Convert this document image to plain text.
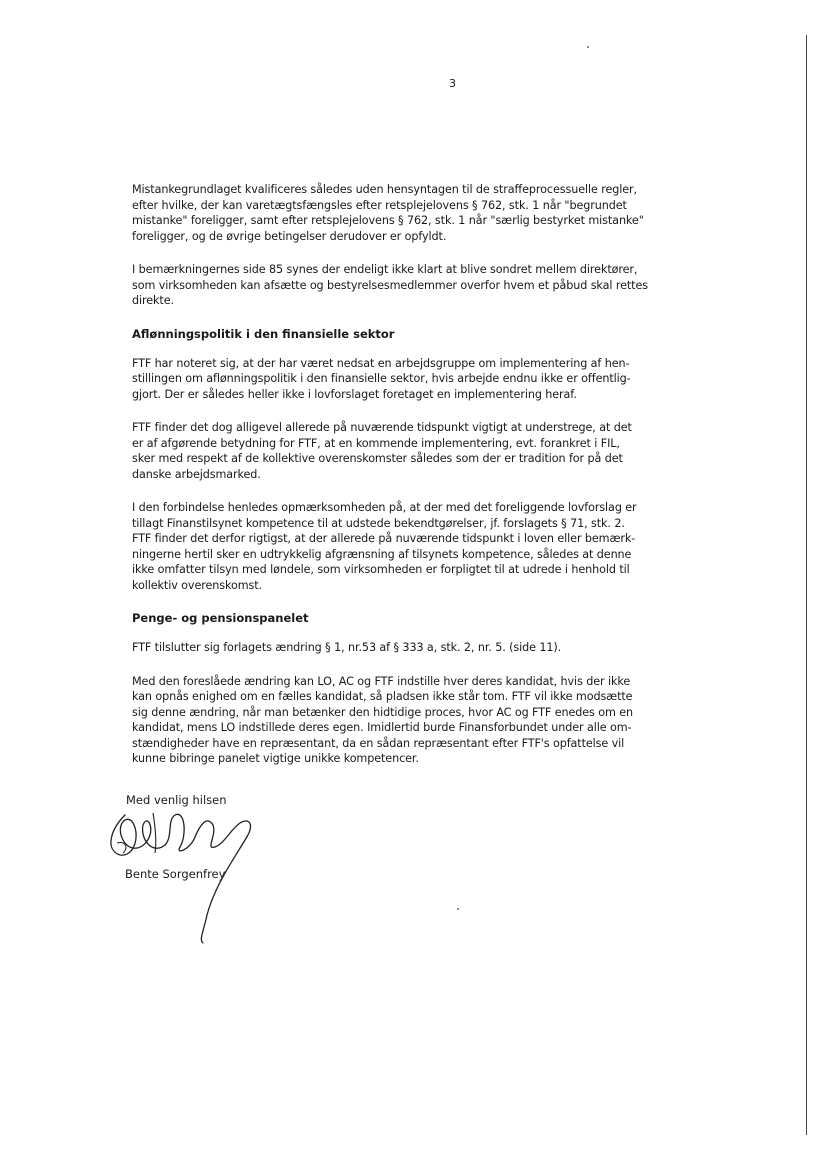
3
Mistankegrundlaget kvalificeres således uden hensyntagen til de straffeprocessuelle regler,
efter hvilke, der kan varetægtsfængsles efter retsplejelovens § 762, stk. 1 når "begrundet
mistanke" foreligger, samt efter retsplejelovens § 762, stk. 1 når "særlig bestyrket mistanke"
foreligger, og de øvrige betingelser derudover er opfyldt.
I bemærkningernes side 85 synes der endeligt ikke klart at blive sondret mellem direktører,
som virksomheden kan afsætte og bestyrelsesmedlemmer overfor hvem et påbud skal rettes
direkte.
Aflønningspolitik i den finansielle sektor
FTF har noteret sig, at der har været nedsat en arbejdsgruppe om implementering af hen-
stillingen om aflønningspolitik i den finansielle sektor, hvis arbejde endnu ikke er offentlig-
gjort. Der er således heller ikke i lovforslaget foretaget en implementering heraf.
FTF finder det dog alligevel allerede på nuværende tidspunkt vigtigt at understrege, at det
er af afgørende betydning for FTF, at en kommende implementering, evt. forankret i FIL,
sker med respekt af de kollektive overenskomster således som der er tradition for på det
danske arbejdsmarked.
I den forbindelse henledes opmærksomheden på, at der med det foreliggende lovforslag er
tillagt Finanstilsynet kompetence til at udstede bekendtgørelser, jf. forslagets § 71, stk. 2.
FTF finder det derfor rigtigst, at der allerede på nuværende tidspunkt i loven eller bemærk-
ningerne hertil sker en udtrykkelig afgrænsning af tilsynets kompetence, således at denne
ikke omfatter tilsyn med løndele, som virksomheden er forpligtet til at udrede i henhold til
kollektiv overenskomst.
Penge- og pensionspanelet
FTF tilslutter sig forlagets ændring § 1, nr.53 af § 333 a, stk. 2, nr. 5. (side 11).
Med den foreslåede ændring kan LO, AC og FTF indstille hver deres kandidat, hvis der ikke
kan opnås enighed om en fælles kandidat, så pladsen ikke står tom. FTF vil ikke modsætte
sig denne ændring, når man betænker den hidtidige proces, hvor AC og FTF enedes om en
kandidat, mens LO indstillede deres egen. Imidlertid burde Finansforbundet under alle om-
stændigheder have en repræsentant, da en sådan repræsentant efter FTF's opfattelse vil
kunne bibringe panelet vigtige unikke kompetencer.
Med venlig hilsen
Bente Sorgenfrey
